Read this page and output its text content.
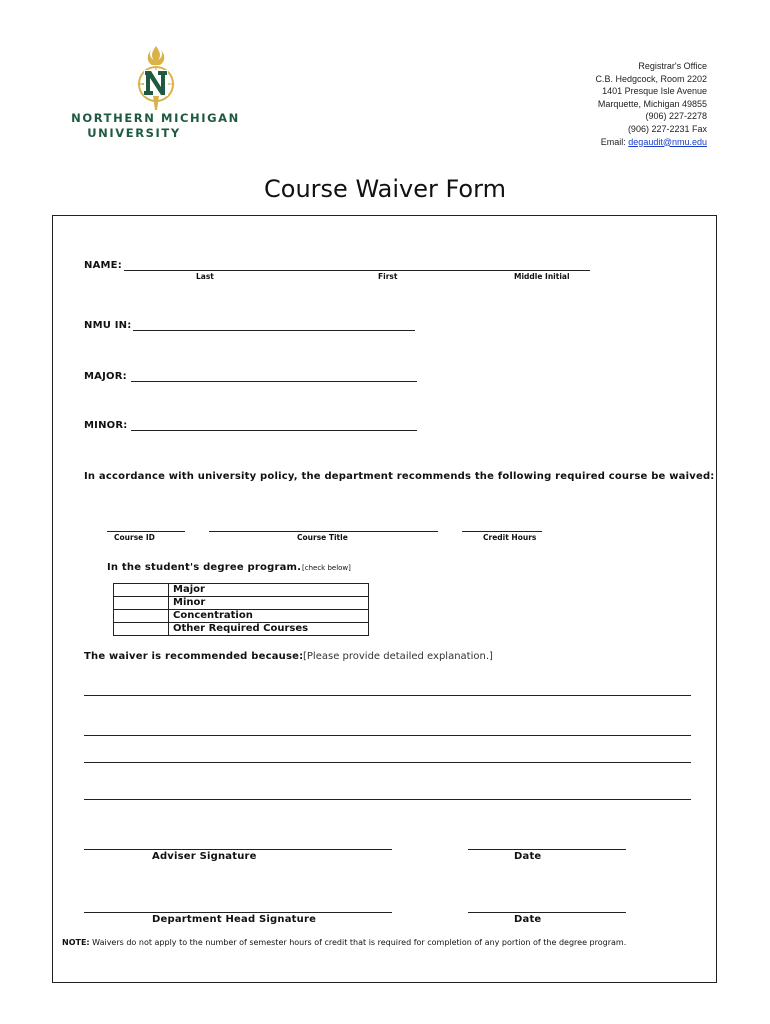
NORTHERN MICHIGAN
UNIVERSITY
Registrar's Office
C.B. Hedgcock, Room 2202
1401 Presque Isle Avenue
Marquette, Michigan 49855
(906) 227-2278
(906) 227-2231 Fax
Email: degaudit@nmu.edu
Course Waiver Form
NAME:
Last	First	Middle Initial
NMU IN:
MAJOR:
MINOR:
In accordance with university policy, the department recommends the following required course be waived:
Course ID	Course Title	Credit Hours
In the student's degree program. [check below]
	Major
	Minor
	Concentration
	Other Required Courses
The waiver is recommended because: [Please provide detailed explanation.]
Adviser Signature	Date
Department Head Signature	Date
NOTE: Waivers do not apply to the number of semester hours of credit that is required for completion of any portion of the degree program.
